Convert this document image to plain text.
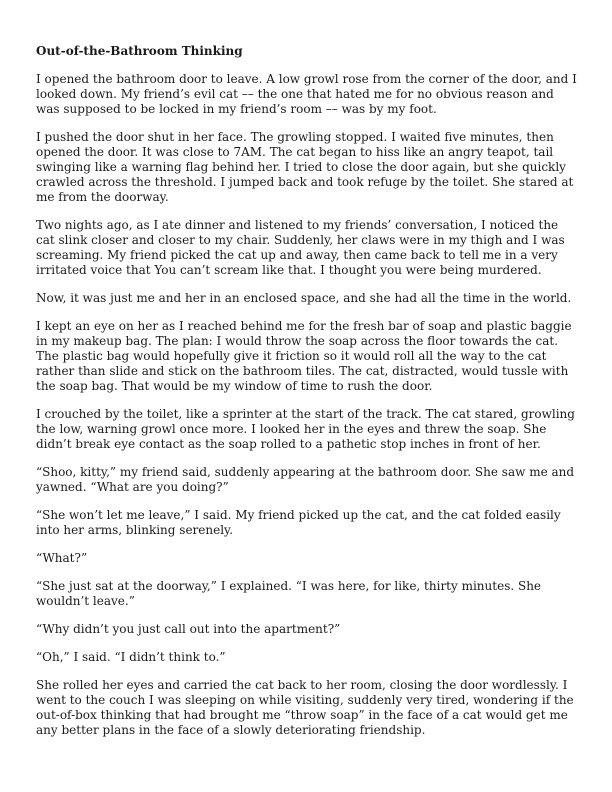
Out-of-the-Bathroom Thinking

I opened the bathroom door to leave. A low growl rose from the corner of the door, and I looked down. My friend’s evil cat –– the one that hated me for no obvious reason and was supposed to be locked in my friend’s room –– was by my foot.

I pushed the door shut in her face. The growling stopped. I waited five minutes, then opened the door. It was close to 7AM. The cat began to hiss like an angry teapot, tail swinging like a warning flag behind her. I tried to close the door again, but she quickly crawled across the threshold. I jumped back and took refuge by the toilet. She stared at me from the doorway.

Two nights ago, as I ate dinner and listened to my friends’ conversation, I noticed the cat slink closer and closer to my chair. Suddenly, her claws were in my thigh and I was screaming. My friend picked the cat up and away, then came back to tell me in a very irritated voice that You can’t scream like that. I thought you were being murdered.

Now, it was just me and her in an enclosed space, and she had all the time in the world.

I kept an eye on her as I reached behind me for the fresh bar of soap and plastic baggie in my makeup bag. The plan: I would throw the soap across the floor towards the cat. The plastic bag would hopefully give it friction so it would roll all the way to the cat rather than slide and stick on the bathroom tiles. The cat, distracted, would tussle with the soap bag. That would be my window of time to rush the door.

I crouched by the toilet, like a sprinter at the start of the track. The cat stared, growling the low, warning growl once more. I looked her in the eyes and threw the soap. She didn’t break eye contact as the soap rolled to a pathetic stop inches in front of her.

“Shoo, kitty,” my friend said, suddenly appearing at the bathroom door. She saw me and yawned. “What are you doing?”

“She won’t let me leave,” I said. My friend picked up the cat, and the cat folded easily into her arms, blinking serenely.

“What?”

“She just sat at the doorway,” I explained. “I was here, for like, thirty minutes. She wouldn’t leave.”

“Why didn’t you just call out into the apartment?”

“Oh,” I said. “I didn’t think to.”

She rolled her eyes and carried the cat back to her room, closing the door wordlessly. I went to the couch I was sleeping on while visiting, suddenly very tired, wondering if the out-of-box thinking that had brought me “throw soap” in the face of a cat would get me any better plans in the face of a slowly deteriorating friendship.
